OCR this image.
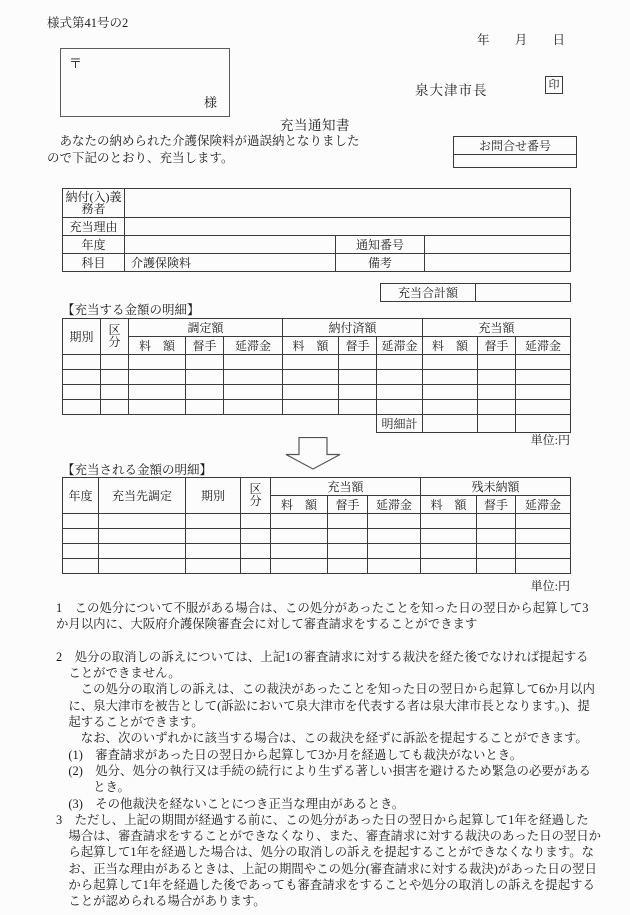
様式第41号の2
年 月 日
〒
様
泉大津市長	印
充当通知書
　あなたの納められた介護保険料が過誤納となりました
ので下記のとおり、充当します。
お問合せ番号

納付(入)義務者			

充当理由			
年度		通知番号	
科目	介護保険料	備考	
充当合計額	
【充当する金額の明細】
期別	区分	調定額			納付済額			充当額		
		料　額	督手	延滞金	料　額	督手	延滞金	料　額	督手	延滞金

							明細計			
単位:円
【充当される金額の明細】
年度	充当先調定	期別	区分	充当額			残未納額		
				料　額	督手	延滞金	料　額	督手	延滞金

単位:円
1　この処分について不服がある場合は、この処分があったことを知った日の翌日から起算して3
か月以内に、大阪府介護保険審査会に対して審査請求をすることができます
2　処分の取消しの訴えについては、上記1の審査請求に対する裁決を経た後でなければ提起する
　ことができません。
　　この処分の取消しの訴えは、この裁決があったことを知った日の翌日から起算して6か月以内
　に、泉大津市を被告として(訴訟において泉大津市を代表する者は泉大津市長となります。)、提
　起することができます。
　　なお、次のいずれかに該当する場合は、この裁決を経ずに訴訟を提起することができます。
　(1)　審査請求があった日の翌日から起算して3か月を経過しても裁決がないとき。
　(2)　処分、処分の執行又は手続の続行により生ずる著しい損害を避けるため緊急の必要がある
　　　とき。
　(3)　その他裁決を経ないことにつき正当な理由があるとき。
3　ただし、上記の期間が経過する前に、この処分があった日の翌日から起算して1年を経過した
　場合は、審査請求をすることができなくなり、また、審査請求に対する裁決のあった日の翌日か
　ら起算して1年を経過した場合は、処分の取消しの訴えを提起することができなくなります。な
　お、正当な理由があるときは、上記の期間やこの処分(審査請求に対する裁決)があった日の翌日
　から起算して1年を経過した後であっても審査請求をすることや処分の取消しの訴えを提起する
　ことが認められる場合があります。
